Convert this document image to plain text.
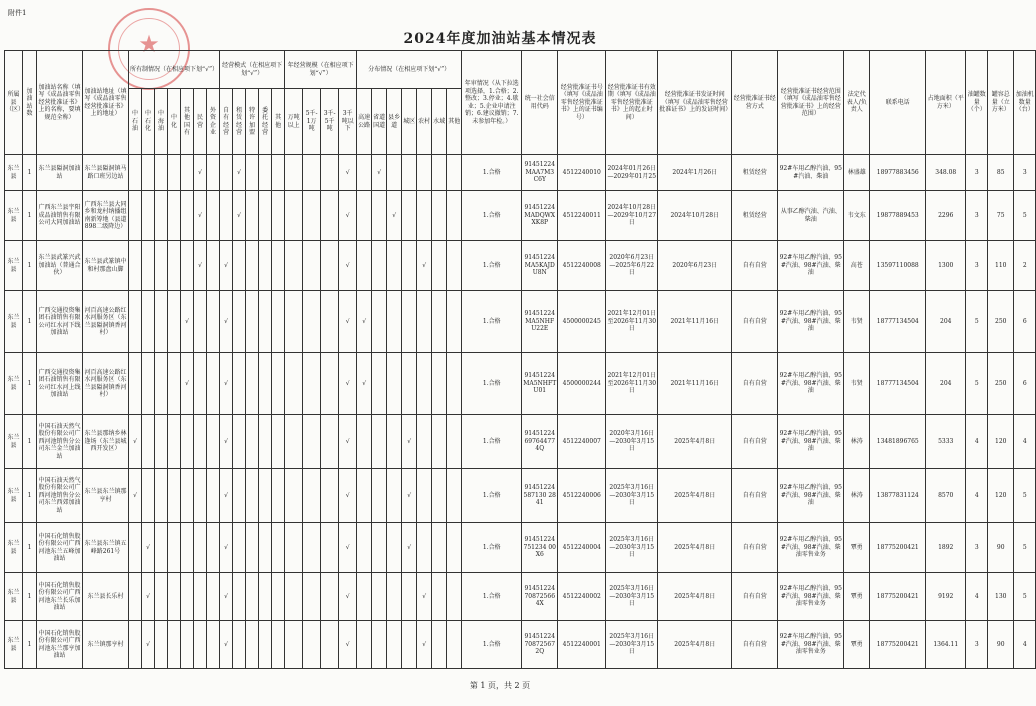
附件1
★	2024年度加油站基本情况表
所属县（区）	加油站数	加油站名称（填写《成品油零售经营批准证书》上的名称，要填规范全称）	加油站地址（填写《成品油零售经营批准证书》上的地址）	所有制情况（在相应项下划“√”）							经营模式（在相应项下划“√”）					年经营规模（在相应项下划“√”）				分布情况（在相应项下划“√”）							年审情况（从下拉选项选择，1.合格；2.整改；3.停业；4.歇业；5.企业申请注销；6.建议撤销；7.未参加年检。）	统一社会信用代码	经营批准证书号（填写《成品油零售经营批准证书》上的证书编号）	经营批准证书有效期（填写《成品油零售经营批准证书》上的起止时间）	经营批准证书发证时间（填写《成品油零售经营批准证书》上的发证时间）	经营批准证书经营方式	经营批准证书经营范围（填写《成品油零售经营批准证书》上的经营范围）	法定代表人/负责人	联系电话	占地面积（平方米）	油罐数量（个）	罐容总量（立方米）	加油机数量（台）
				中石油	中石化	中海油	中化	其他国有	民营	外资企业	自有经营	租赁经营	特许加盟	委托经营	其他	万吨以上	5千-1万吨	3千-5千吨	3千吨以下	高速公路	省道国道	县乡道	城区	农村	水域	其他													
东兰县	1	东兰县隘洞加油站	东兰县隘洞镇马路口班另边站						√			√							√		√						1.合格	91451224MAA7M3C6Y	4512240010	2024年01月26日—2029年01月25	2024年1月26日	租赁经营	92#车用乙醇汽油、95#汽油、柴油	林盛雄	18977883456	348.08	3	85	3
东兰县	1	广西东兰县宇阳成品油销售有限公司大同加油站	广西东兰县大同乡和龙村纳播组南新筹地（县道898二级降边）						√			√							√			√					1.合格	91451224MADQWXXK8P	4512240011	2024年10月28日—2029年10月27日	2024年10月28日	租赁经营	从事乙醇汽油、汽油、柴油	韦文东	19877889453	2296	3	75	5
东兰县	1	东兰县武篆兴武加油站（普通合伙）	东兰县武篆镇中和村那盘山脚						√		√								√					√			1.合格	91451224MA5KAJDU8N	4512240008	2020年6月23日—2025年6月22日	2020年6月23日	自有自营	92#车用乙醇汽油、95#汽油、98#汽油、柴油	高苍	13597110088	1300	3	110	2
东兰县	1	广西交通投资集团石油销售有限公司红水河下线加油站	河百高速公路红水河服务区（东兰县隘洞镇香河村）					√			√								√	√							1.合格	91451224MA5NHFU22E	4500000245	2021年12月01日至2026年11月30日	2021年11月16日	自有自营	92#车用乙醇汽油、95#汽油、98#汽油、柴油	韦贤	18777134504	204	5	250	6
东兰县	1	广西交通投资集团石油销售有限公司红水河上线加油站	河百高速公路红水河服务区（东兰县隘洞镇香河村）					√			√								√	√							1.合格	91451224MA5NHFTU01	4500000244	2021年12月01日至2026年11月30日	2021年11月16日	自有自营	92#车用乙醇汽油、95#汽油、98#汽油、柴油	韦贤	18777134504	204	5	250	6
东兰县	1	中国石油天然气股份有限公司广西河池销售分公司东兰金兰加油站	东兰县那纳乡林逢场（东兰县城西开发区）	√							√								√				√				1.合格	91451224697644774Q	4512240007	2020年3月16日—2030年3月15日	2025年4月8日	自有自营	92#车用乙醇汽油、95#汽油、98#汽油、柴油	林涛	13481896765	5333	4	120	4
东兰县	1	中国石油天然气股份有限公司广西河池销售分公司东兰西郊加油站	东兰县东兰镇那亨村	√							√								√				√				1.合格	91451224587130 2841	4512240006	2025年3月16日—2030年3月15日	2025年4月8日	自有自营	92#车用乙醇汽油、95#汽油、98#汽油、柴油	林涛	13877831124	8570	4	120	5
东兰县	1	中国石化销售股份有限公司广西河池东兰五峰加油站	东兰县东兰镇五峰路261号		√						√								√				√				1.合格	91451224751234 00X6	4512240004	2025年3月16日—2030年3月15日	2025年4月8日	自有自营	92#车用乙醇汽油、95#汽油、98#汽油、柴油零售业务	覃勇	18775200421	1892	3	90	5
东兰县	1	中国石化销售股份有限公司广西河池东兰长乐加油站	东兰县长乐村		√						√								√					√			1.合格	91451224708725664X	4512240002	2025年3月16日—2030年3月15日	2025年4月8日	自有自营	92#车用乙醇汽油、95#汽油、98#汽油、柴油零售业务	覃勇	18775200421	9192	4	130	5
东兰县	1	中国石化销售股份有限公司广西河池东兰那亨加油站	东兰镇那亨村		√						√								√					√			1.合格	91451224708725672Q	4512240001	2025年3月16日—2030年3月15日	2025年4月8日	自有自营	92#车用乙醇汽油、95#汽油、98#汽油、柴油零售业务	覃勇	18775200421	1364.11	3	90	4
第 1 页，共 2 页
